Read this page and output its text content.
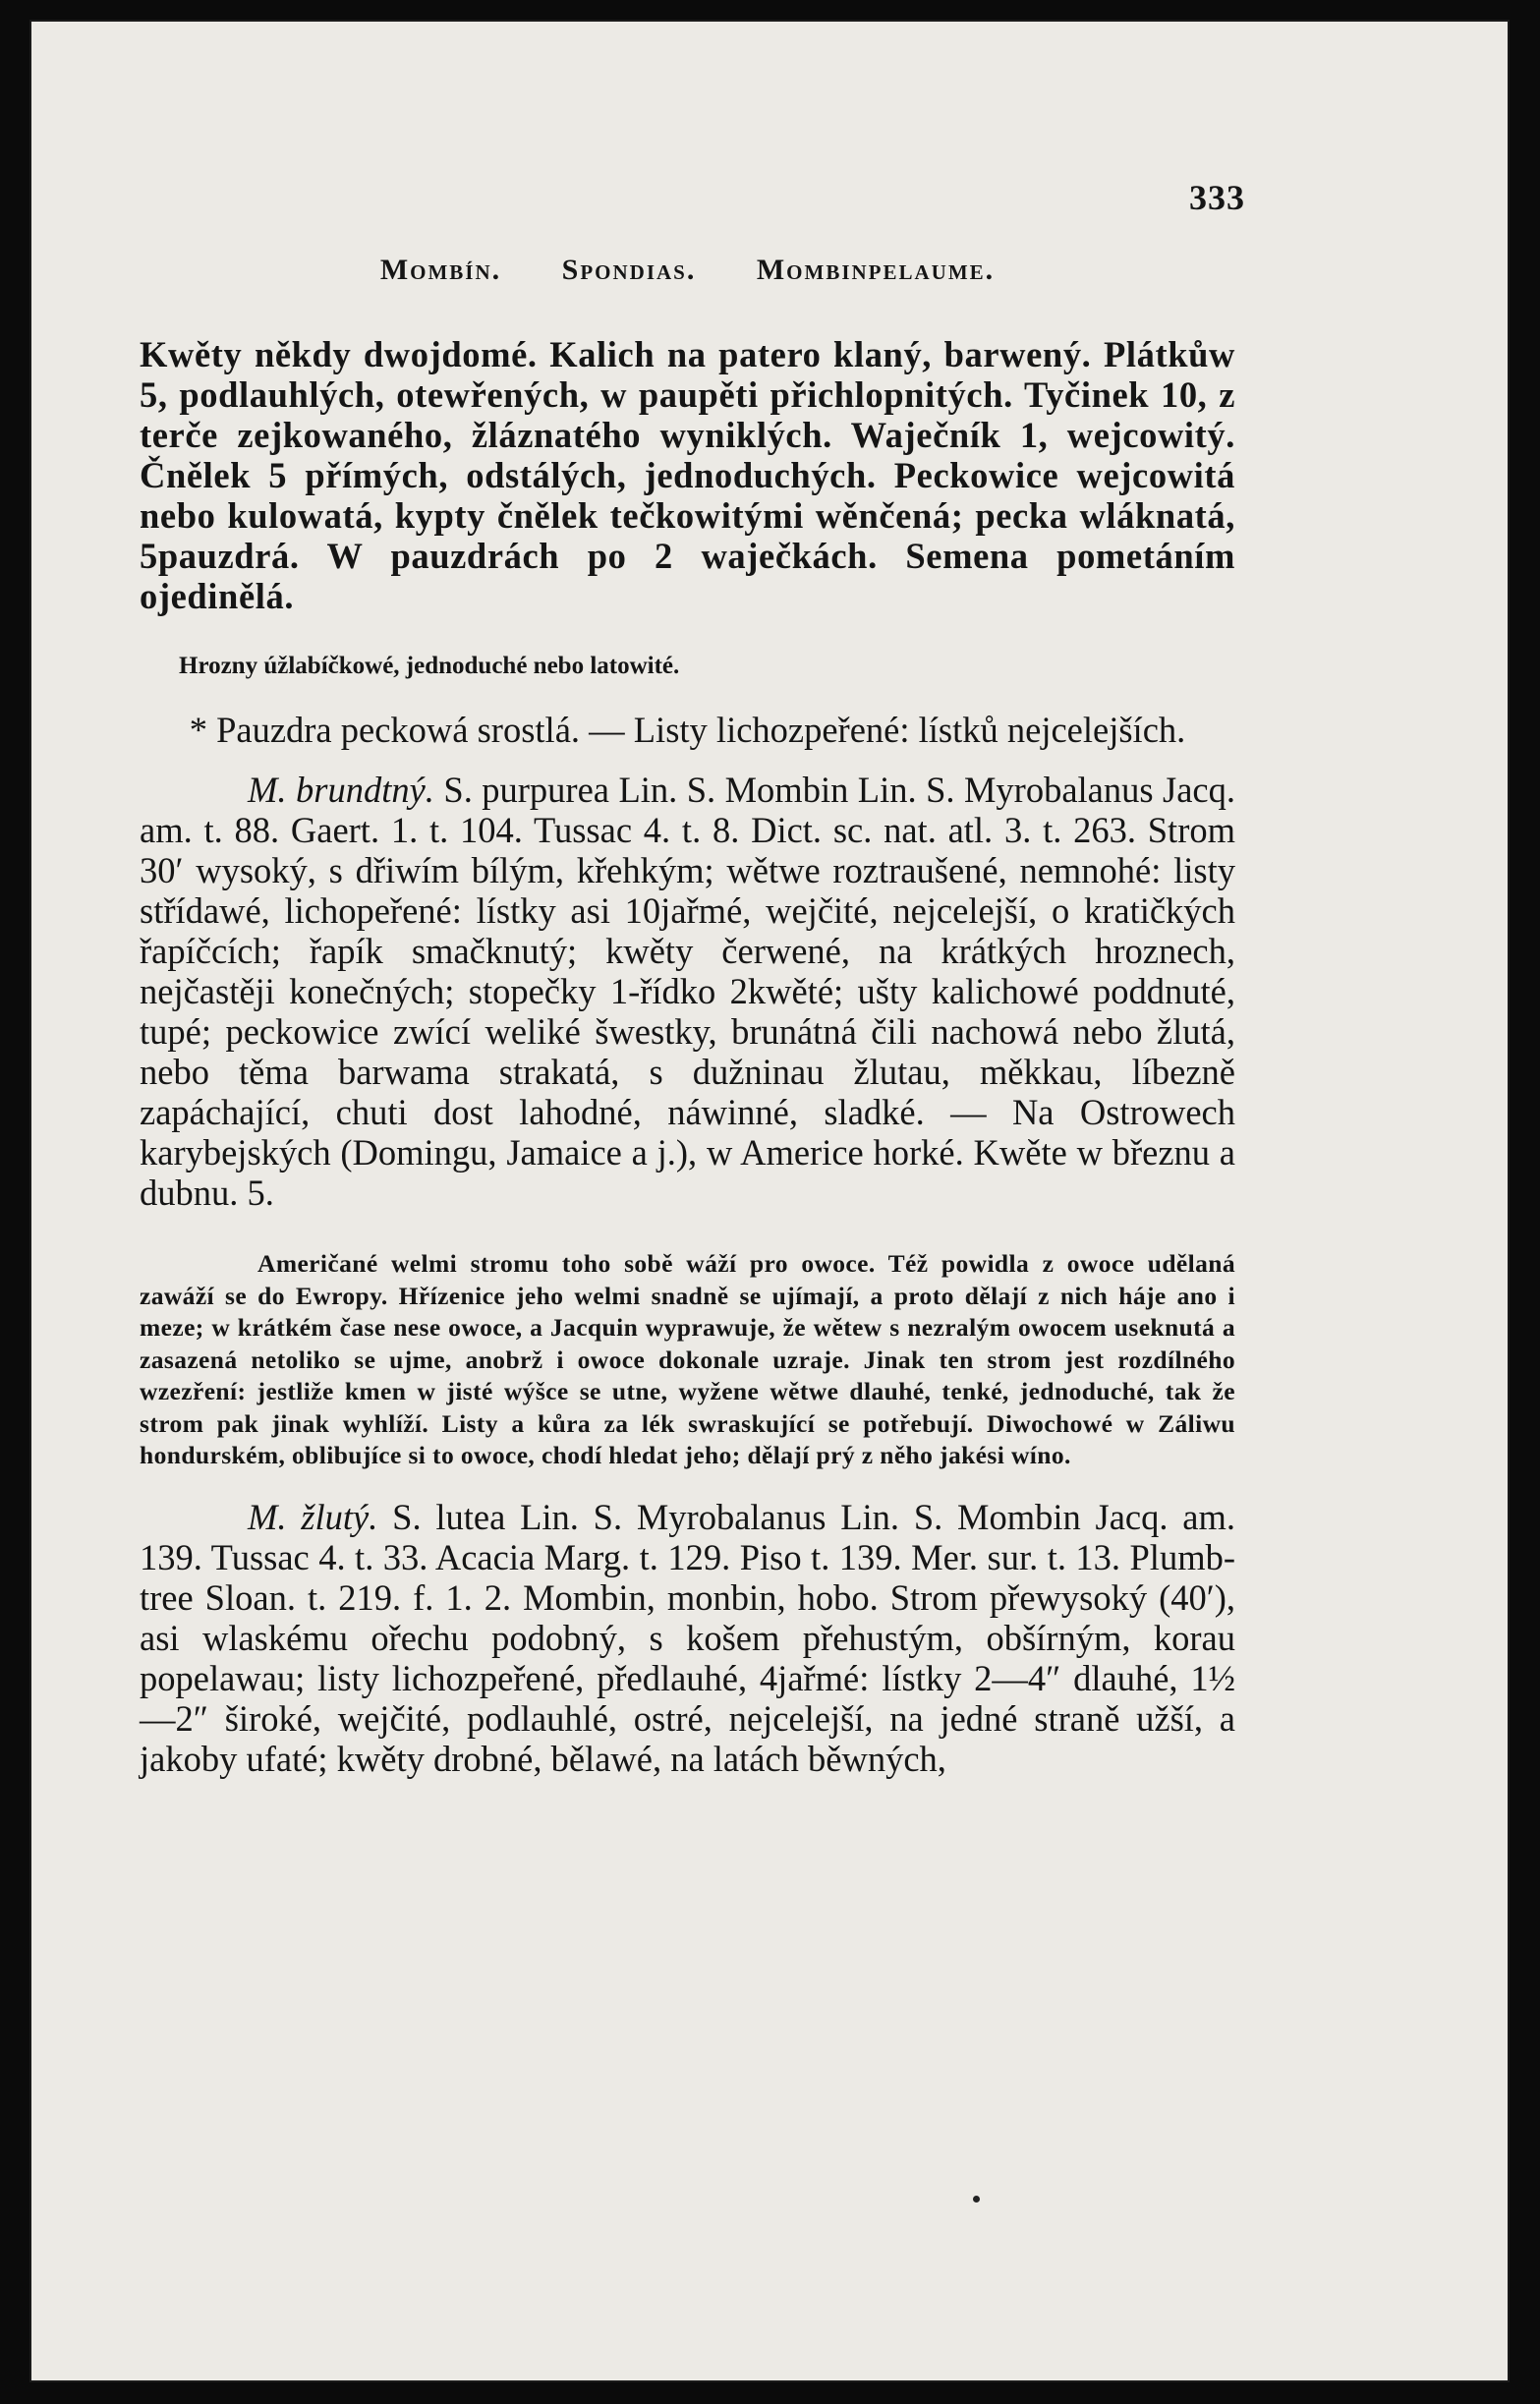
333
Mombín. Spondias. Mombinpelaume.

Kwěty někdy dwojdomé. Kalich na patero klaný, barwený. Plátkůw 5, podlauhlých, otewřených, w paupěti přichlopnitých. Tyčinek 10, z terče zejkowaného, žláznatého wyniklých. Waječník 1, wejcowitý. Čnělek 5 přímých, odstálých, jednoduchých. Peckowice wejcowitá nebo kulowatá, kypty čnělek tečkowitými wěnčená; pecka wláknatá, 5pauzdrá. W pauzdrách po 2 waječkách. Semena pometáním ojedinělá.

Hrozny úžlabíčkowé, jednoduché nebo latowité.
* Pauzdra peckowá srostlá. — Listy lichozpeřené: lístků nejcelejších.

M. brundtný. S. purpurea Lin. S. Mombin Lin. S. Myrobalanus Jacq. am. t. 88. Gaert. 1. t. 104. Tussac 4. t. 8. Dict. sc. nat. atl. 3. t. 263. Strom 30′ wysoký, s dřiwím bílým, křehkým; wětwe roztraušené, nemnohé: listy střídawé, lichopeřené: lístky asi 10jařmé, wejčité, nejcelejší, o kratičkých řapíčcích; řapík smačknutý; kwěty čerwené, na krátkých hroznech, nejčastěji konečných; stopečky 1-řídko 2kwěté; ušty kalichowé poddnuté, tupé; peckowice zwící weliké šwestky, brunátná čili nachowá nebo žlutá, nebo těma barwama strakatá, s dužninau žlutau, měkkau, líbezně zapáchající, chuti dost lahodné, náwinné, sladké. — Na Ostrowech karybejských (Domingu, Jamaice a j.), w Americe horké. Kwěte w březnu a dubnu. 5.

Američané welmi stromu toho sobě wáží pro owoce. Též powidla z owoce udělaná zawáží se do Ewropy. Hřízenice jeho welmi snadně se ujímají, a proto dělají z nich háje ano i meze; w krátkém čase nese owoce, a Jacquin wyprawuje, že wětew s nezralým owocem useknutá a zasazená netoliko se ujme, anobrž i owoce dokonale uzraje. Jinak ten strom jest rozdílného wzezření: jestliže kmen w jisté wýšce se utne, wyžene wětwe dlauhé, tenké, jednoduché, tak že strom pak jinak wyhlíží. Listy a kůra za lék swraskující se potřebují. Diwochowé w Záliwu hondurském, oblibujíce si to owoce, chodí hledat jeho; dělají prý z něho jakési wíno.

M. žlutý. S. lutea Lin. S. Myrobalanus Lin. S. Mombin Jacq. am. 139. Tussac 4. t. 33. Acacia Marg. t. 129. Piso t. 139. Mer. sur. t. 13. Plumb-tree Sloan. t. 219. f. 1. 2. Mombin, monbin, hobo. Strom přewysoký (40′), asi wlaskému ořechu podobný, s košem přehustým, obšírným, korau popelawau; listy lichozpeřené, předlauhé, 4jařmé: lístky 2—4″ dlauhé, 1½—2″ široké, wejčité, podlauhlé, ostré, nejcelejší, na jedné straně užší, a jakoby ufaté; kwěty drobné, bělawé, na latách běwných,
